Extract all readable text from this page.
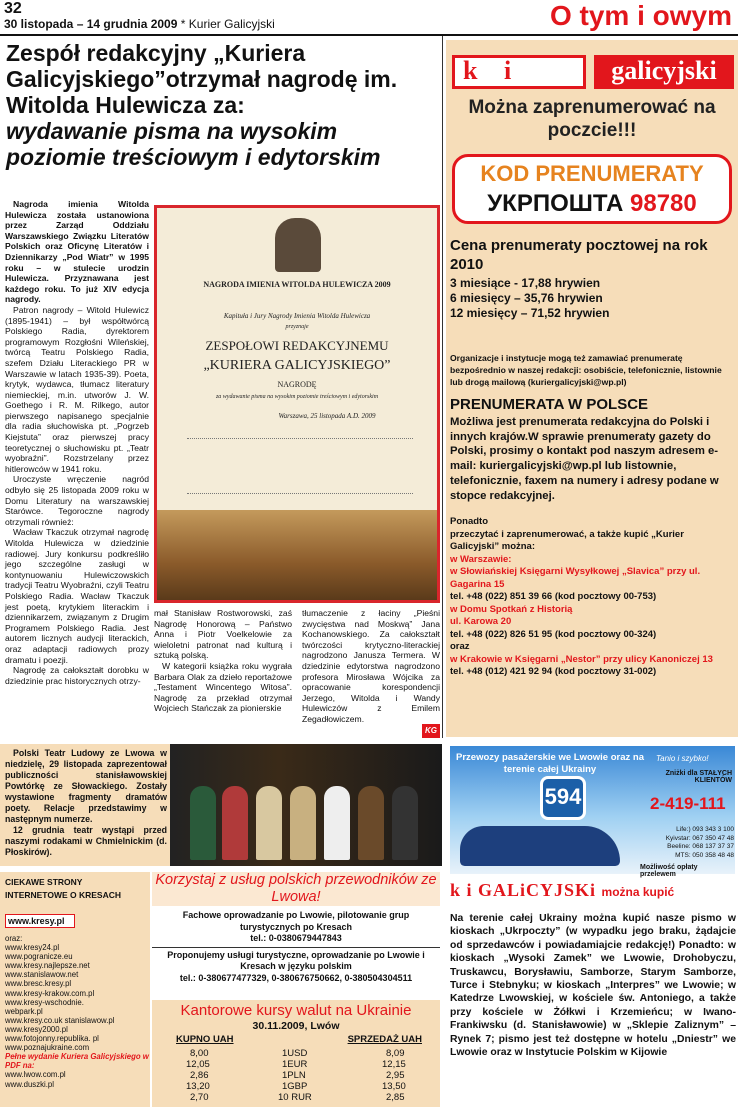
32
30 listopada – 14 grudnia 2009 * Kurier Galicyjski	O tym i owym
Zespół redakcyjny „Kuriera Galicyjskiego”otrzymał nagrodę im. Witolda Hulewicza za:
wydawanie pisma na wysokim poziomie treściowym i edytorskim

Nagroda imienia Witolda Hulewicza została ustanowiona przez Zarząd Oddziału Warszawskiego Związku Literatów Polskich oraz Oficynę Literatów i Dziennikarzy „Pod Wiatr” w 1995 roku – w stulecie urodzin Hulewicza. Przyznawana jest każdego roku. To już XIV edycja nagrody.

Patron nagrody – Witold Hulewicz (1895-1941) – był współtwórcą Polskiego Radia, dyrektorem programowym Rozgłośni Wileńskiej, twórcą Teatru Polskiego Radia, szefem Działu Literackiego PR w Warszawie w latach 1935-39). Poeta, krytyk, wydawca, tłumacz literatury niemieckiej, m.in. utworów J. W. Goethego i R. M. Rilkego, autor pierwszego napisanego specjalnie dla radia słuchowiska pt. „Pogrzeb Kiejstuta” oraz pierwszej pracy teoretycznej o słuchowisku pt. „Teatr wyobraźni”. Rozstrzelany przez hitlerowców w 1941 roku.

Uroczyste wręczenie nagród odbyło się 25 listopada 2009 roku w Domu Literatury na warszawskiej Starówce. Tegoroczne nagrody otrzymali również:

Wacław Tkaczuk otrzymał nagrodę Witolda Hulewicza w dziedzinie radiowej. Jury konkursu podkreśliło jego szczególne zasługi w kontynuowaniu Hulewiczowskich tradycji Teatru Wyobraźni, czyli Teatru Polskiego Radia. Wacław Tkaczuk jest poetą, krytykiem literackim i dziennikarzem, związanym z Drugim Programem Polskiego Radia. Jest autorem licznych audycji literackich, oraz adaptacji radiowych prozy dramatu i poezji.

Nagrodę za całokształt dorobku w dziedzinie prac historycznych otrzy-

NAGRODA IMIENIA WITOLDA HULEWICZA 2009
Kapituła i Jury Nagrody Imienia Witolda Hulewicza
przyznaje
ZESPOŁOWI REDAKCYJNEMU
„KURIERA GALICYJSKIEGO”
NAGRODĘ
za wydawanie pisma na wysokim poziomie treściowym i edytorskim
Warszawa, 25 listopada A.D. 2009

mał Stanisław Rostworowski, zaś Nagrodę Honorową – Państwo Anna i Piotr Voelkelowie za wieloletni patronat nad kulturą i sztuką polską.

W kategorii książka roku wygrała Barbara Olak za dzieło reportażowe „Testament Wincentego Witosa”. Nagrodę za przekład otrzymał Wojciech Stańczak za pionierskie

tłumaczenie z łaciny „Pieśni zwycięstwa nad Moskwą” Jana Kochanowskiego. Za całokształt twórczości krytyczno-literackiej nagrodzono Janusza Termera. W dziedzinie edytorstwa nagrodzono profesora Mirosława Wójcika za opracowanie korespondencji Jerzego, Witolda i Wandy Hulewiczów z Emilem Zegadłowiczem.

KG
k i	galicyjski
Można zaprenumerować na poczcie!!!
KOD PRENUMERATY
УКРПОШТА 98780
Cena prenumeraty pocztowej na rok 2010
3 miesiące - 17,88 hrywien
6 miesięcy – 35,76 hrywien
12 miesięcy – 71,52 hrywien
Organizacje i instytucje mogą też zamawiać prenumeratę bezpośrednio w naszej redakcji: osobiście, telefonicznie, listownie lub drogą mailową (kuriergalicyjski@wp.pl)
PRENUMERATA W POLSCE
Możliwa jest prenumerata redakcyjna do Polski i innych krajów.W sprawie prenumeraty gazety do Polski, prosimy o kontakt pod naszym adresem e-mail: kuriergalicyjski@wp.pl lub listownie, telefonicznie, faxem na numery i adresy podane w stopce redakcyjnej.
Ponadto
przeczytać i zaprenumerować, a także kupić „Kurier Galicyjski” można:
w Warszawie:
w Słowiańskiej Księgarni Wysyłkowej „Slavica” przy ul. Gagarina 15
tel. +48 (022) 851 39 66 (kod pocztowy 00-753)
w Domu Spotkań z Historią
ul. Karowa 20
tel. +48 (022) 826 51 95 (kod pocztowy 00-324)
oraz
w Krakowie w Księgarni „Nestor” przy ulicy Kanoniczej 13
tel. +48 (012) 421 92 94 (kod pocztowy 31-002)

Polski Teatr Ludowy ze Lwowa w niedzielę, 29 listopada zaprezentował publiczności stanisławowskiej Powtórkę ze Słowackiego. Zostały wystawione fragmenty dramatów poety. Relacje przedstawimy w następnym numerze.

12 grudnia teatr wystąpi przed naszymi rodakami w Chmielnickim (d. Płoskirów).

Przewozy pasażerskie we Lwowie oraz na terenie całej Ukrainy
594
Tanio i szybko!
Zniżki dla STAŁYCH KLIENTÓW
2-419-111
Life:) 093 343 3 100 Kyivstar: 067 350 47 48 Beeline: 068 137 37 37 MTS: 050 358 48 48
Możliwość opłaty przelewem
CIEKAWE STRONY
INTERNETOWE O KRESACH
www.kresy.pl
oraz:
www.kresy24.pl
www.pogranicze.eu
www.kresy.najlepsze.net
www.stanislawow.net
www.bresc.kresy.pl
www.kresy-krakow.com.pl
www.kresy-wschodnie.
webpark.pl
www.kresy.co.uk stanislawow.pl
www.kresy2000.pl
www.fotojonny.republika. pl
www.poznajukraine.com
Pełne wydanie Kuriera Galicyjskiego w PDF na:
www.lwow.com.pl
www.duszki.pl
Korzystaj z usług polskich przewodników ze Lwowa!
Fachowe oprowadzanie po Lwowie, pilotowanie grup turystycznych po Kresach
tel.: 0-0380679447843
Proponujemy usługi turystyczne, oprowadzanie po Lwowie i Kresach w języku polskim
tel.: 0-380677477329, 0-380676750662, 0-380504304511
Kantorowe kursy walut na Ukrainie
30.11.2009, Lwów
KUPNO UAH	SPRZEDAŻ UAH
8,00	1USD	8,09
12,05	1EUR	12,15
2,86	1PLN	2,95
13,20	1GBP	13,50
2,70	10 RUR	2,85
k i GALiCYJSKi można kupić
Na terenie całej Ukrainy można kupić nasze pismo w kioskach „Ukrpoczty” (w wypadku jego braku, żądajcie od sprzedawców i powiadamiajcie redakcję!) Ponadto: w kioskach „Wysoki Zamek” we Lwowie, Drohobyczu, Truskawcu, Borysławiu, Samborze, Starym Samborze, Turce i Stebnyku; w kioskach „Interpres” we Lwowie; w Katedrze Lwowskiej, w kościele św. Antoniego, a także przy kościele w Żółkwi i Krzemieńcu; w Iwano-Frankiwsku (d. Stanisławowie) w „Sklepie Zaliznym” – Rynek 7; pismo jest też dostępne w hotelu „Dniestr” we Lwowie oraz w Instytucie Polskim w Kijowie
